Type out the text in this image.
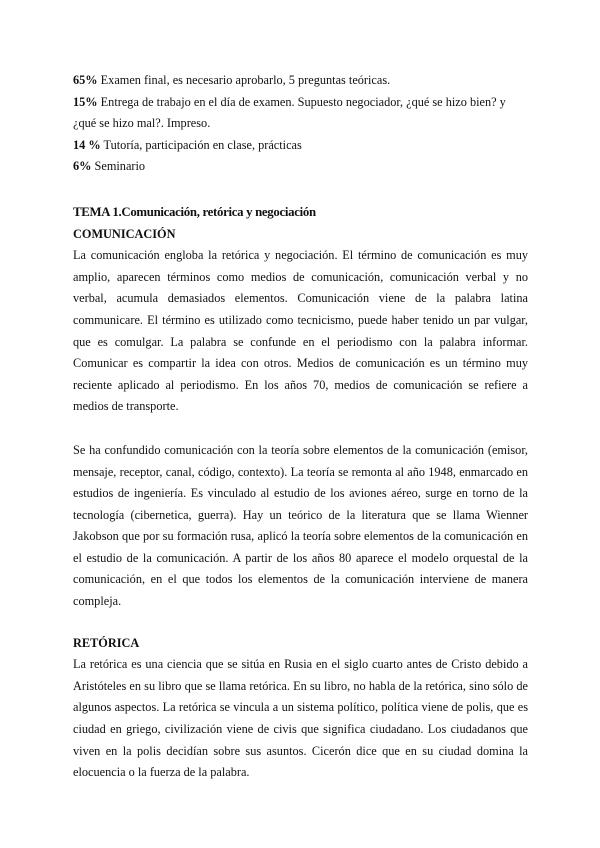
65% Examen final, es necesario aprobarlo, 5 preguntas teóricas.

15% Entrega de trabajo en el día de examen. Supuesto negociador, ¿qué se hizo bien? y ¿qué se hizo mal?. Impreso.

14 % Tutoría, participación en clase, prácticas

6% Seminario

TEMA 1.Comunicación, retórica y negociación

COMUNICACIÓN

La comunicación engloba la retórica y negociación. El término de comunicación es muy amplio, aparecen términos como medios de comunicación, comunicación verbal y no verbal, acumula demasiados elementos. Comunicación viene de la palabra latina communicare. El término es utilizado como tecnicismo, puede haber tenido un par vulgar, que es comulgar. La palabra se confunde en el periodismo con la palabra informar. Comunicar es compartir la idea con otros. Medios de comunicación es un término muy reciente aplicado al periodismo. En los años 70, medios de comunicación se refiere a medios de transporte.

Se ha confundido comunicación con la teoría sobre elementos de la comunicación (emisor, mensaje, receptor, canal, código, contexto). La teoría se remonta al año 1948, enmarcado en estudios de ingeniería. Es vinculado al estudio de los aviones aéreo, surge en torno de la tecnología (cibernetica, guerra). Hay un teórico de la literatura que se llama Wienner Jakobson que por su formación rusa, aplicó la teoría sobre elementos de la comunicación en el estudio de la comunicación. A partir de los años 80 aparece el modelo orquestal de la comunicación, en el que todos los elementos de la comunicación interviene de manera compleja.

RETÓRICA

La retórica es una ciencia que se sitúa en Rusia en el siglo cuarto antes de Cristo debido a Aristóteles en su libro que se llama retórica. En su libro, no habla de la retórica, sino sólo de algunos aspectos. La retórica se vincula a un sistema político, política viene de polis, que es ciudad en griego, civilización viene de civis que significa ciudadano. Los ciudadanos que viven en la polis decidían sobre sus asuntos. Cicerón dice que en su ciudad domina la elocuencia o la fuerza de la palabra.
